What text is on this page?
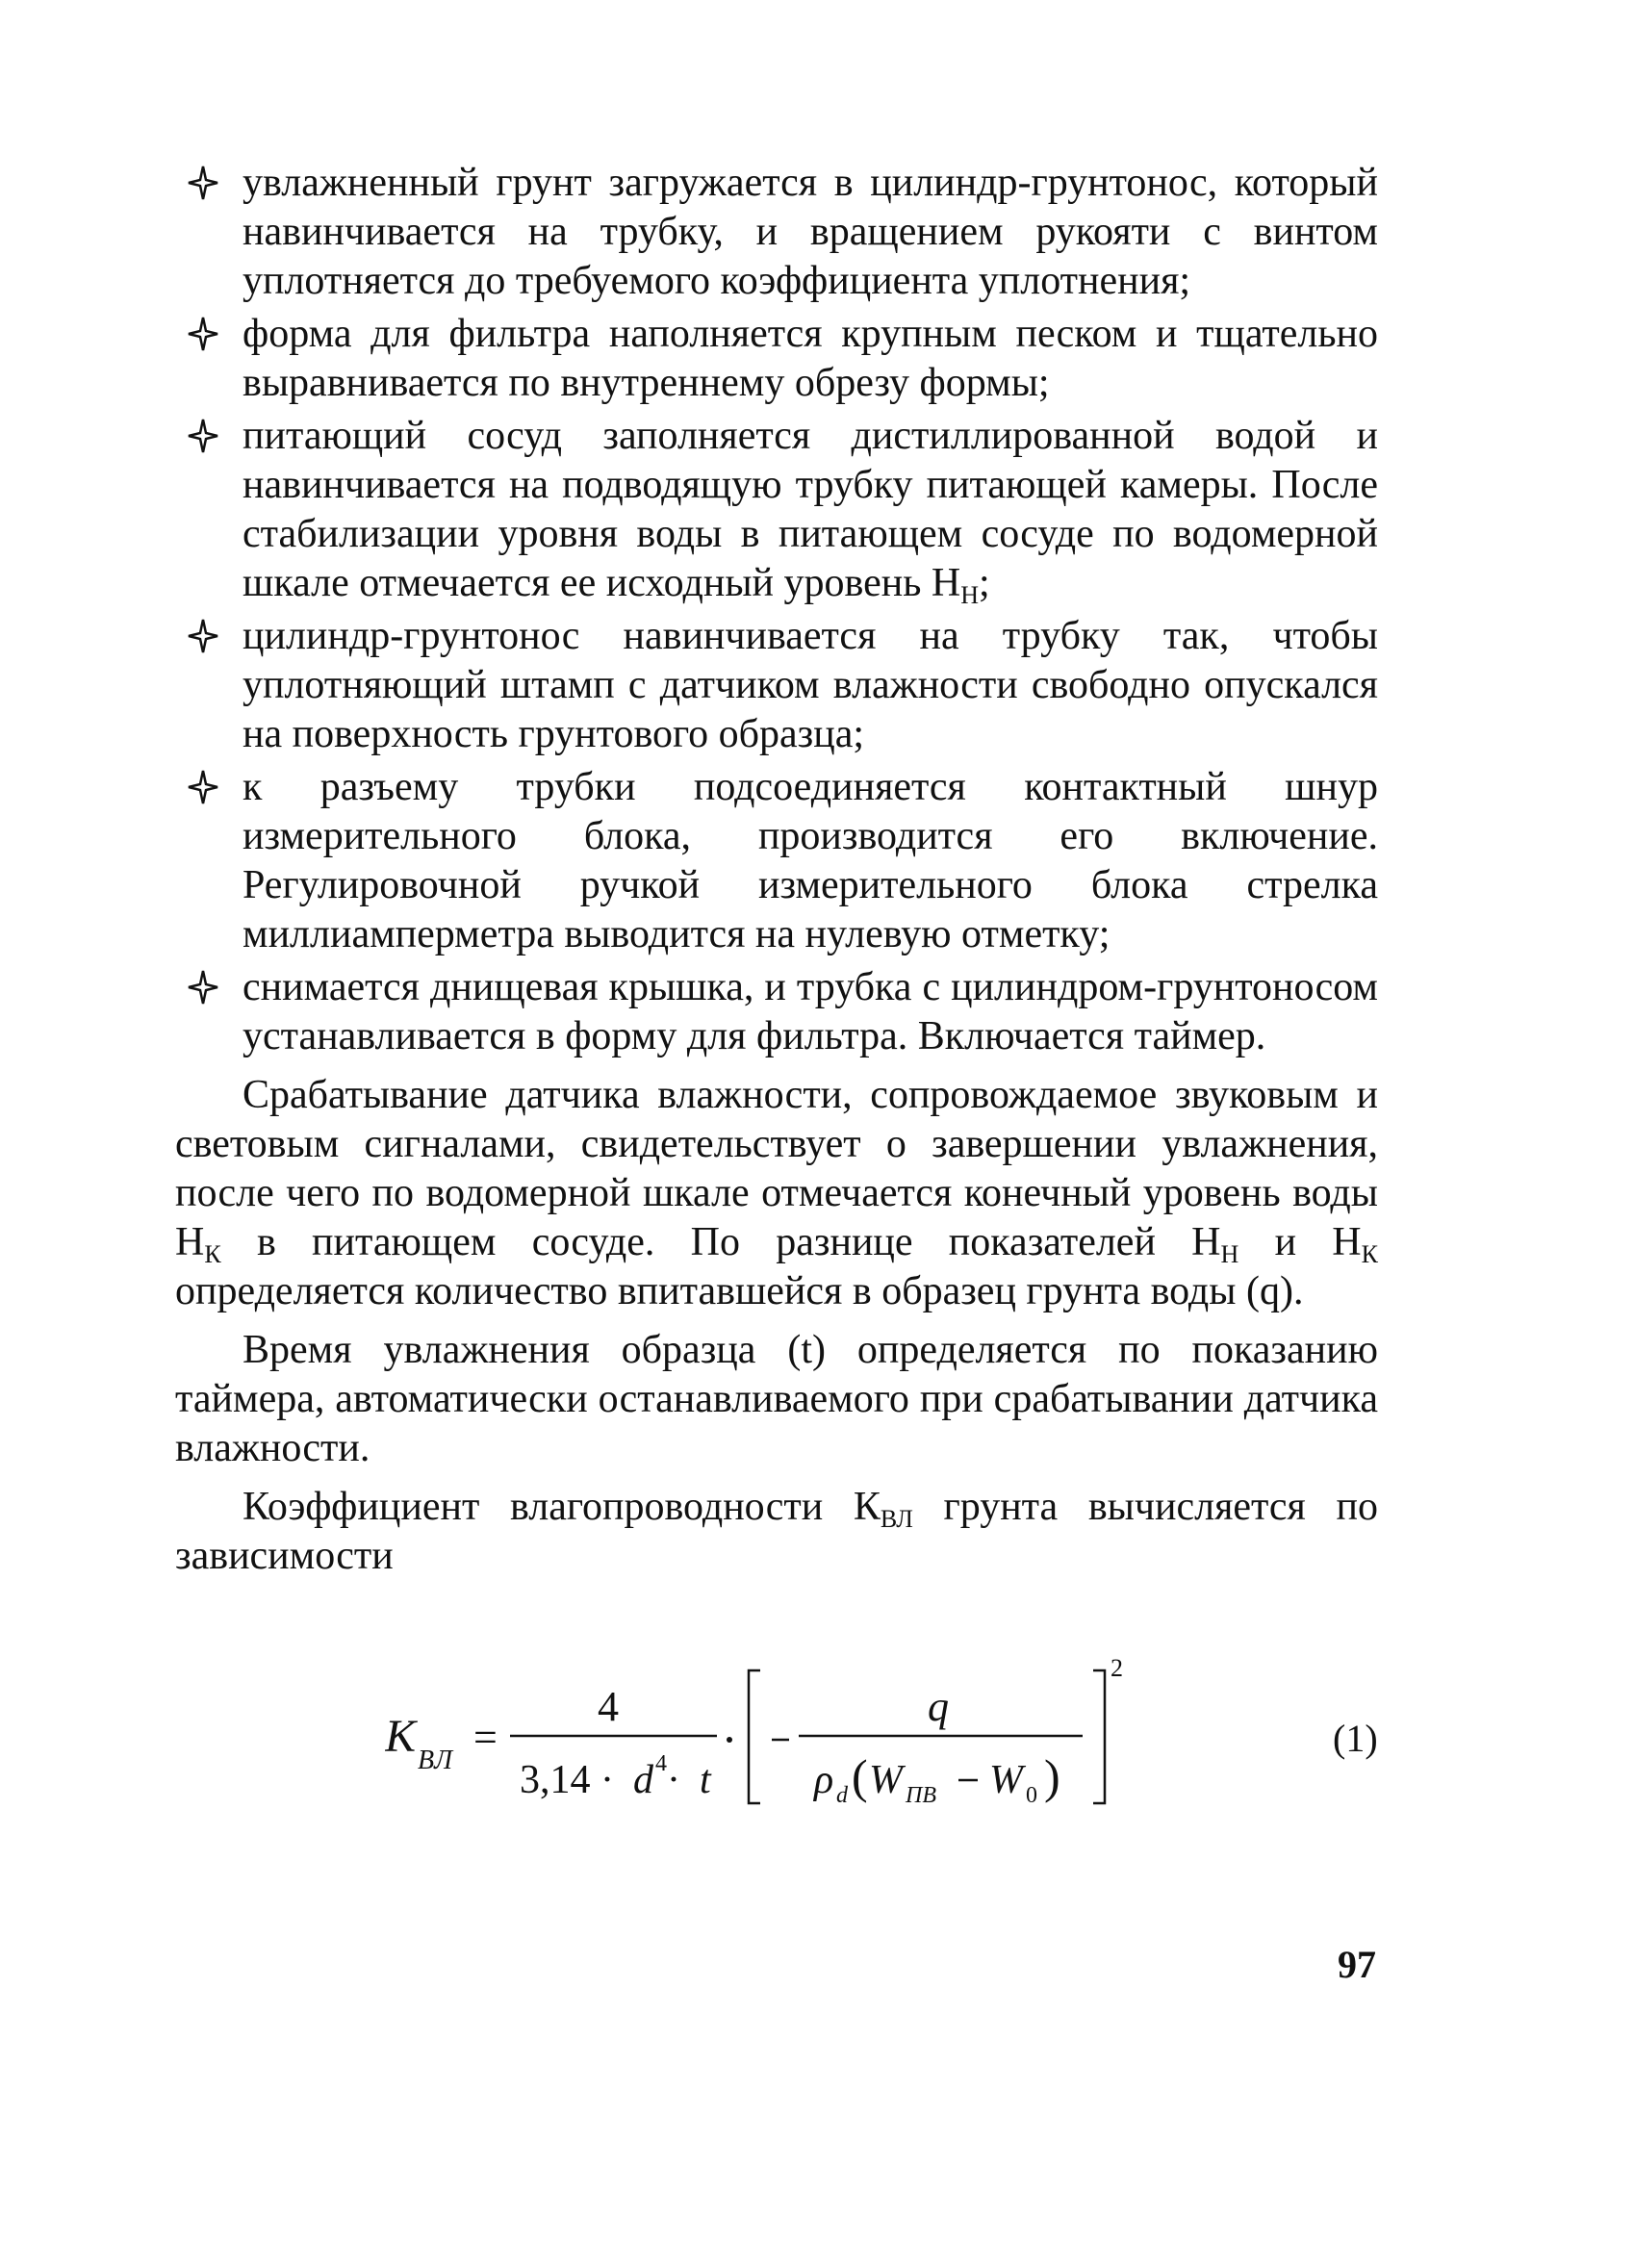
увлажненный грунт загружается в цилиндр-грунтонос, который навинчивается на трубку, и вращением рукояти с винтом уплотняется до требуемого коэффициента уплотнения;
форма для фильтра наполняется крупным песком и тщательно выравнивается по внутреннему обрезу формы;
питающий сосуд заполняется дистиллированной водой и навинчивается на подводящую трубку питающей камеры. После стабилизации уровня воды в питающем сосуде по водомерной шкале отмечается ее исходный уровень $Н_Н$;
цилиндр-грунтонос навинчивается на трубку так, чтобы уплотняющий штамп с датчиком влажности свободно опускался на поверхность грунтового образца;
к разъему трубки подсоединяется контактный шнур измерительного блока, производится его включение. Регулировочной ручкой измерительного блока стрелка миллиамперметра выводится на нулевую отметку;
снимается днищевая крышка, и трубка с цилиндром-грунтоносом устанавливается в форму для фильтра. Включается таймер.

Срабатывание датчика влажности, сопровождаемое звуковым и световым сигналами, свидетельствует о завершении увлажнения, после чего по водомерной шкале отмечается конечный уровень воды $Н_К$ в питающем сосуде. По разнице показателей $Н_Н$ и $Н_К$ определяется количество впитавшейся в образец грунта воды (q).

Время увлажнения образца (t) определяется по показанию таймера, автоматически останавливаемого при срабатывании датчика влажности.

Коэффициент влагопроводности $К_{ВЛ}$ грунта вычисляется по зависимости

К ВЛ =
4
3,14 · d 4 · t
q
ρ d ( W ПВ W 0 )
2
(1)
97
